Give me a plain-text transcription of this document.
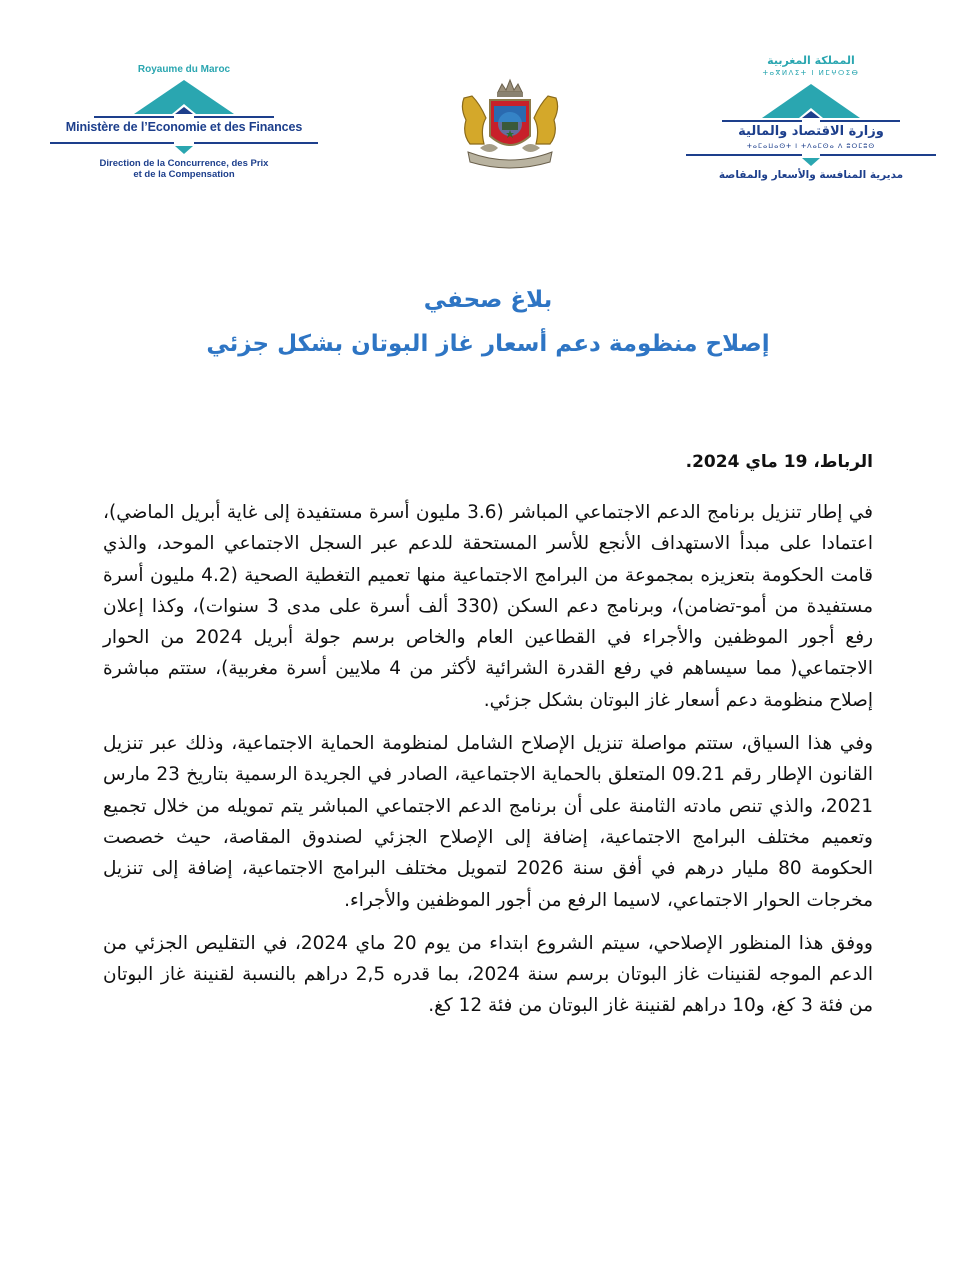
Royaume du Maroc
Ministère de l’Economie et des Finances
Direction de la Concurrence, des Prix
et de la Compensation
المملكة المغربية
ⵜⴰⴳⵍⴷⵉⵜ ⵏ ⵍⵎⵖⵔⵉⴱ
وزارة الاقتصاد والمالية
ⵜⴰⵎⴰⵡⴰⵙⵜ ⵏ ⵜⴷⴰⵎⵙⴰ ⴷ ⵓⵔⵎⵓⵙ
مديرية المنافسة والأسعار والمقاصة
بلاغ صحفي
إصلاح منظومة دعم أسعار غاز البوتان بشكل جزئي
الرباط، 19 ماي 2024.

في إطار تنزيل برنامج الدعم الاجتماعي المباشر (3.6 مليون أسرة مستفيدة إلى غاية أبريل الماضي)، اعتمادا على مبدأ الاستهداف الأنجع للأسر المستحقة للدعم عبر السجل الاجتماعي الموحد، والذي قامت الحكومة بتعزيزه بمجموعة من البرامج الاجتماعية منها تعميم التغطية الصحية (4.2 مليون أسرة مستفيدة من أمو-تضامن)، وبرنامج دعم السكن (330 ألف أسرة على مدى 3 سنوات)، وكذا إعلان رفع أجور الموظفين والأجراء في القطاعين العام والخاص برسم جولة أبريل 2024 من الحوار الاجتماعي( مما سيساهم في رفع القدرة الشرائية لأكثر من 4 ملايين أسرة مغربية)، ستتم مباشرة إصلاح منظومة دعم أسعار غاز البوتان بشكل جزئي.

وفي هذا السياق، ستتم مواصلة تنزيل الإصلاح الشامل لمنظومة الحماية الاجتماعية، وذلك عبر تنزيل القانون الإطار رقم 09.21 المتعلق بالحماية الاجتماعية، الصادر في الجريدة الرسمية بتاريخ 23 مارس 2021، والذي تنص مادته الثامنة على أن برنامج الدعم الاجتماعي المباشر يتم تمويله من خلال تجميع وتعميم مختلف البرامج الاجتماعية، إضافة إلى الإصلاح الجزئي لصندوق المقاصة، حيث خصصت الحكومة 80 مليار درهم في أفق سنة 2026 لتمويل مختلف البرامج الاجتماعية، إضافة إلى تنزيل مخرجات الحوار الاجتماعي، لاسيما الرفع من أجور الموظفين والأجراء.

ووفق هذا المنظور الإصلاحي، سيتم الشروع ابتداء من يوم 20 ماي 2024، في التقليص الجزئي من الدعم الموجه لقنينات غاز البوتان برسم سنة 2024، بما قدره 2,5 دراهم بالنسبة لقنينة غاز البوتان من فئة 3 كغ، و10 دراهم لقنينة غاز البوتان من فئة 12 كغ.
